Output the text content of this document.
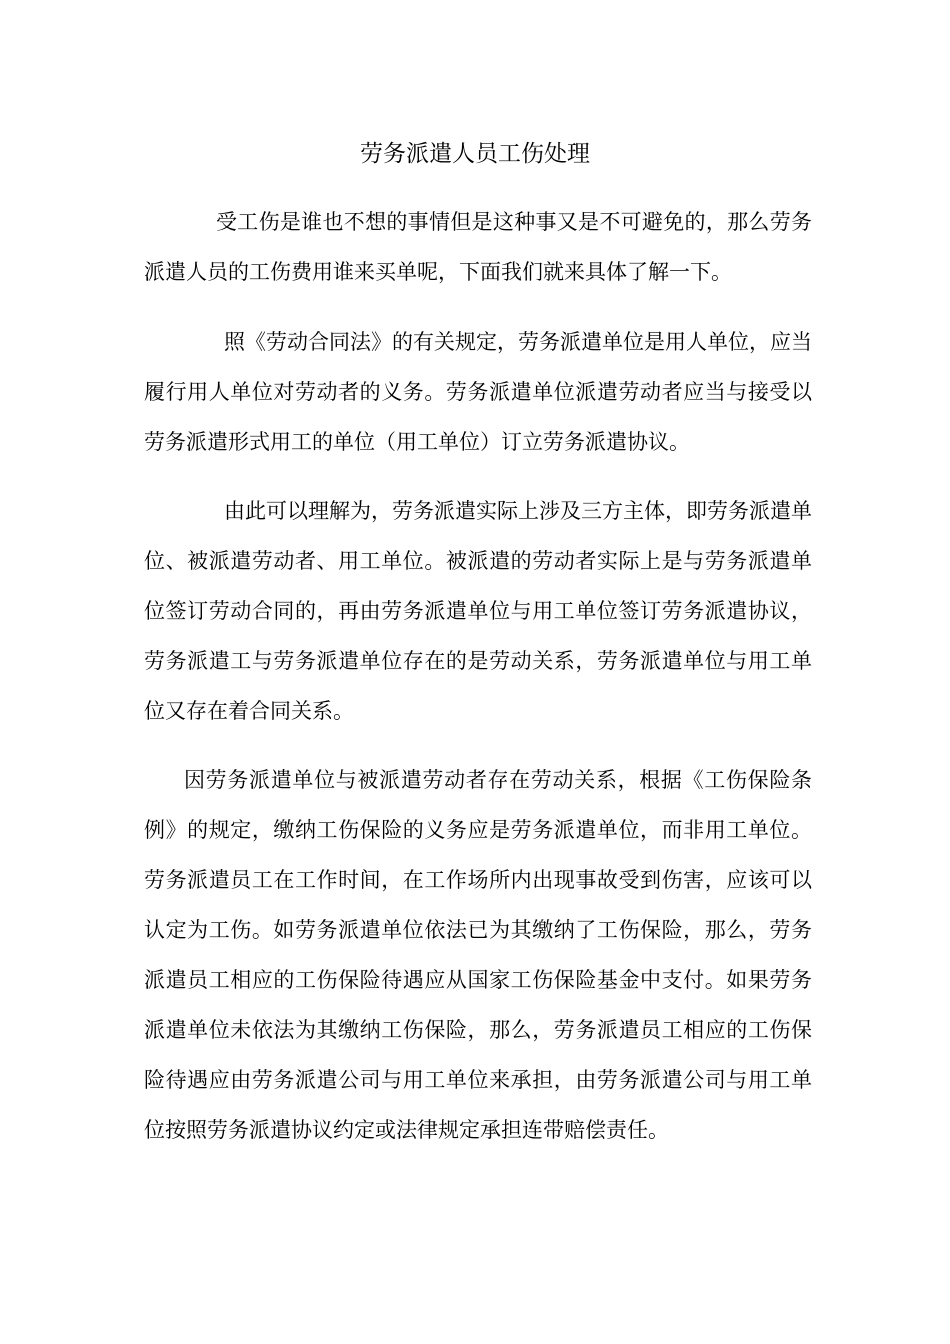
劳务派遣人员工伤处理

受工伤是谁也不想的事情但是这种事又是不可避免的，那么劳务派遣人员的工伤费用谁来买单呢，下面我们就来具体了解一下。

照《劳动合同法》的有关规定，劳务派遣单位是用人单位，应当履行用人单位对劳动者的义务。劳务派遣单位派遣劳动者应当与接受以劳务派遣形式用工的单位（用工单位）订立劳务派遣协议。

由此可以理解为，劳务派遣实际上涉及三方主体，即劳务派遣单位、被派遣劳动者、用工单位。被派遣的劳动者实际上是与劳务派遣单位签订劳动合同的，再由劳务派遣单位与用工单位签订劳务派遣协议，劳务派遣工与劳务派遣单位存在的是劳动关系，劳务派遣单位与用工单位又存在着合同关系。

因劳务派遣单位与被派遣劳动者存在劳动关系，根据《工伤保险条例》的规定，缴纳工伤保险的义务应是劳务派遣单位，而非用工单位。劳务派遣员工在工作时间，在工作场所内出现事故受到伤害，应该可以认定为工伤。如劳务派遣单位依法已为其缴纳了工伤保险，那么，劳务派遣员工相应的工伤保险待遇应从国家工伤保险基金中支付。如果劳务派遣单位未依法为其缴纳工伤保险，那么，劳务派遣员工相应的工伤保险待遇应由劳务派遣公司与用工单位来承担，由劳务派遣公司与用工单位按照劳务派遣协议约定或法律规定承担连带赔偿责任。
